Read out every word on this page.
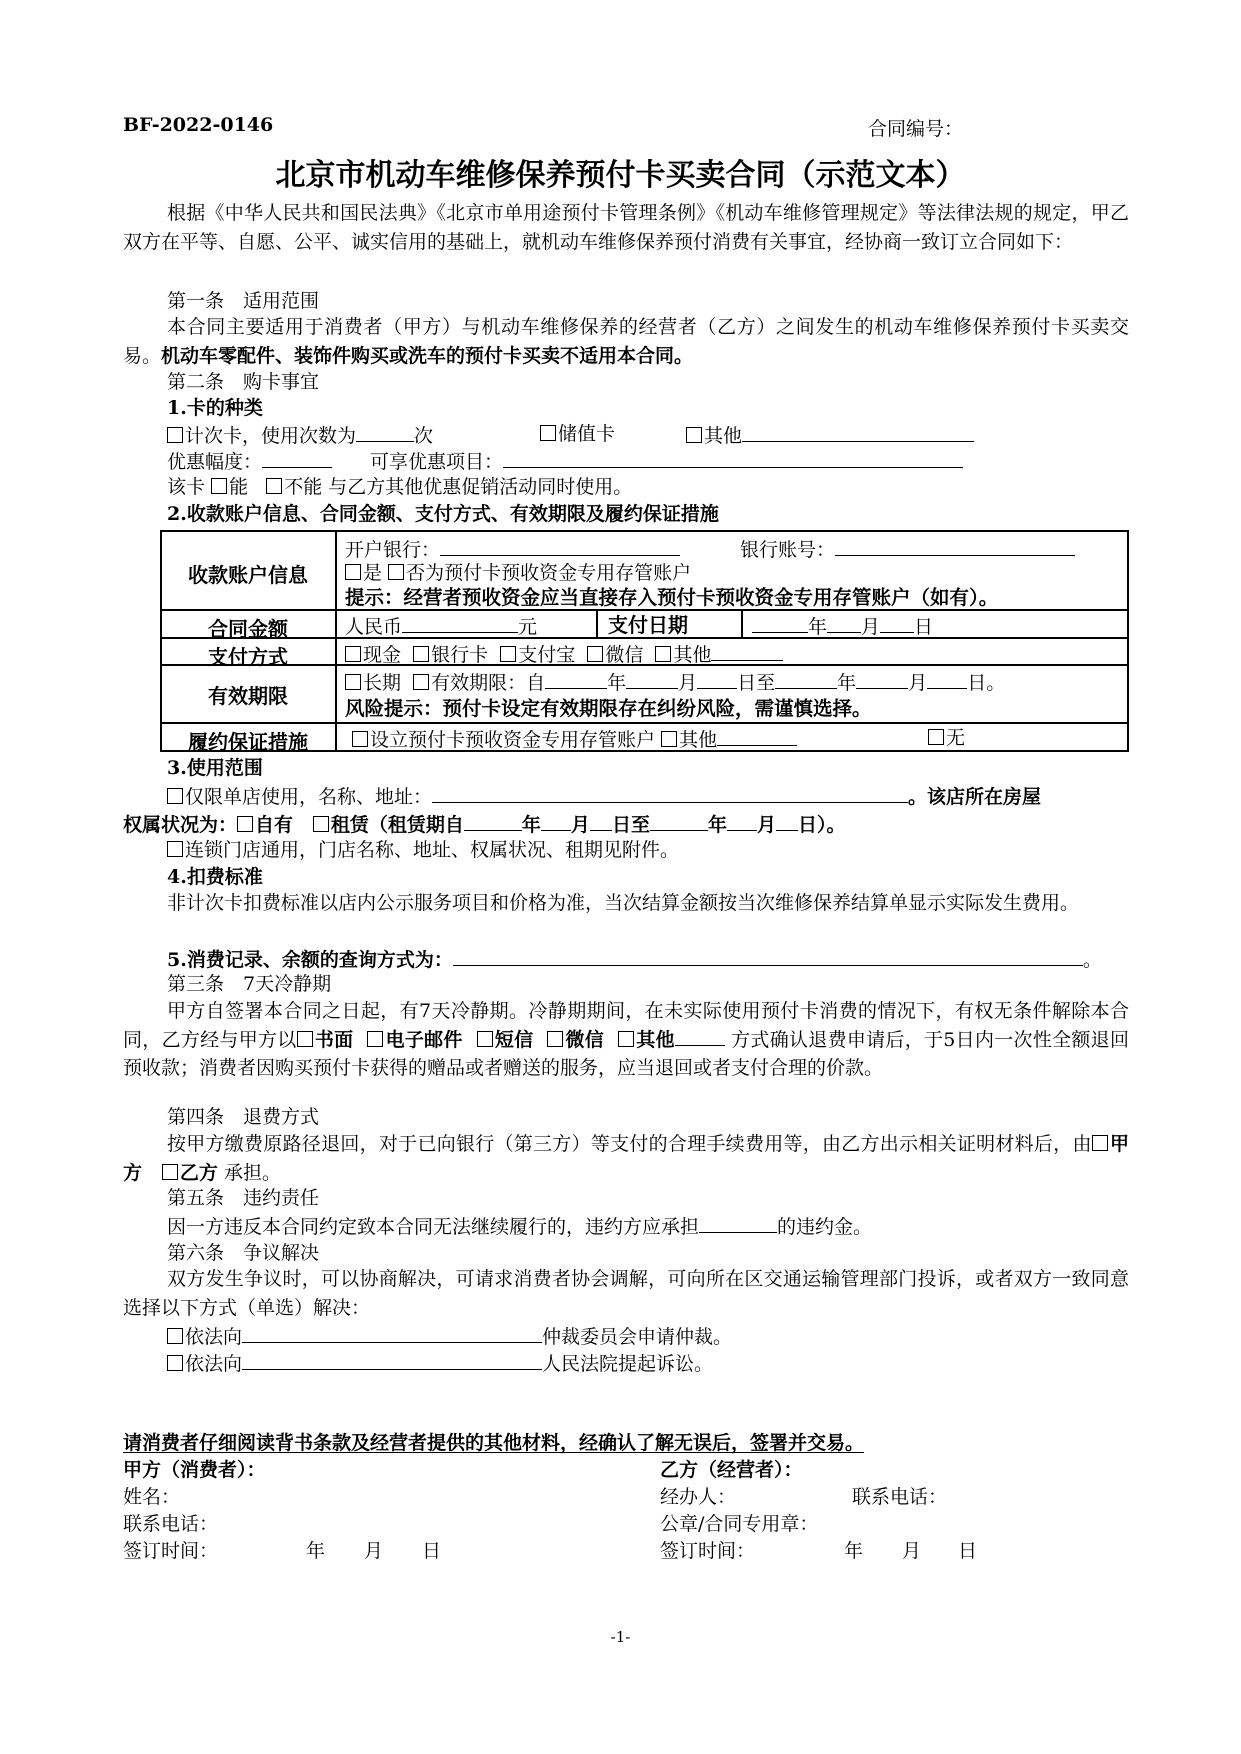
BF-2022-0146	合同编号：
北京市机动车维修保养预付卡买卖合同（示范文本）
根据《中华人民共和国民法典》《北京市单用途预付卡管理条例》《机动车维修管理规定》等法律法规的规定，甲乙双方在平等、自愿、公平、诚实信用的基础上，就机动车维修保养预付消费有关事宜，经协商一致订立合同如下：
第一条　适用范围
本合同主要适用于消费者（甲方）与机动车维修保养的经营者（乙方）之间发生的机动车维修保养预付卡买卖交易。机动车零配件、装饰件购买或洗车的预付卡买卖不适用本合同。
第二条　购卡事宜
1.卡的种类
计次卡，使用次数为	次	储值卡	其他
优惠幅度：	可享优惠项目：
该卡 能 不能 与乙方其他优惠促销活动同时使用。
2.收款账户信息、合同金额、支付方式、有效期限及履约保证措施
收款账户信息
开户银行：	银行账号：
是 否为预付卡预收资金专用存管账户
提示：经营者预收资金应当直接存入预付卡预收资金专用存管账户（如有）。
合同金额	人民币	元	支付日期	年 月 日
支付方式	现金 银行卡 支付宝 微信 其他
有效期限
长期 有效期限：自	年	月 日至	年	月 日。
风险提示：预付卡设定有效期限存在纠纷风险，需谨慎选择。
履约保证措施	设立预付卡预收资金专用存管账户 其他	无
3.使用范围
仅限单店使用，名称、地址：	。该店所在房屋
权属状况为： 自有 租赁（租赁期自	年 月 日至	年 月 日）。
连锁门店通用，门店名称、地址、权属状况、租期见附件。
4.扣费标准
非计次卡扣费标准以店内公示服务项目和价格为准，当次结算金额按当次维修保养结算单显示实际发生费用。
5.消费记录、余额的查询方式为：	。
第三条　7天冷静期
甲方自签署本合同之日起，有7天冷静期。冷静期期间，在未实际使用预付卡消费的情况下，有权无条件解除本合同，乙方经与甲方以 书面 电子邮件 短信 微信 其他	方式确认退费申请后，于5日内一次性全额退回预收款；消费者因购买预付卡获得的赠品或者赠送的服务，应当退回或者支付合理的价款。
第四条　退费方式
按甲方缴费原路径退回，对于已向银行（第三方）等支付的合理手续费用等，由乙方出示相关证明材料后，由 甲方 乙方 承担。
第五条　违约责任
因一方违反本合同约定致本合同无法继续履行的，违约方应承担	的违约金。
第六条　争议解决
双方发生争议时，可以协商解决，可请求消费者协会调解，可向所在区交通运输管理部门投诉，或者双方一致同意选择以下方式（单选）解决：
依法向	仲裁委员会申请仲裁。
依法向	人民法院提起诉讼。
请消费者仔细阅读背书条款及经营者提供的其他材料，经确认了解无误后，签署并交易。
甲方（消费者）：
姓名：
联系电话：
签订时间：	年 月 日
乙方（经营者）：
经办人：	联系电话：
公章/合同专用章：
签订时间：	年 月 日
-1-
